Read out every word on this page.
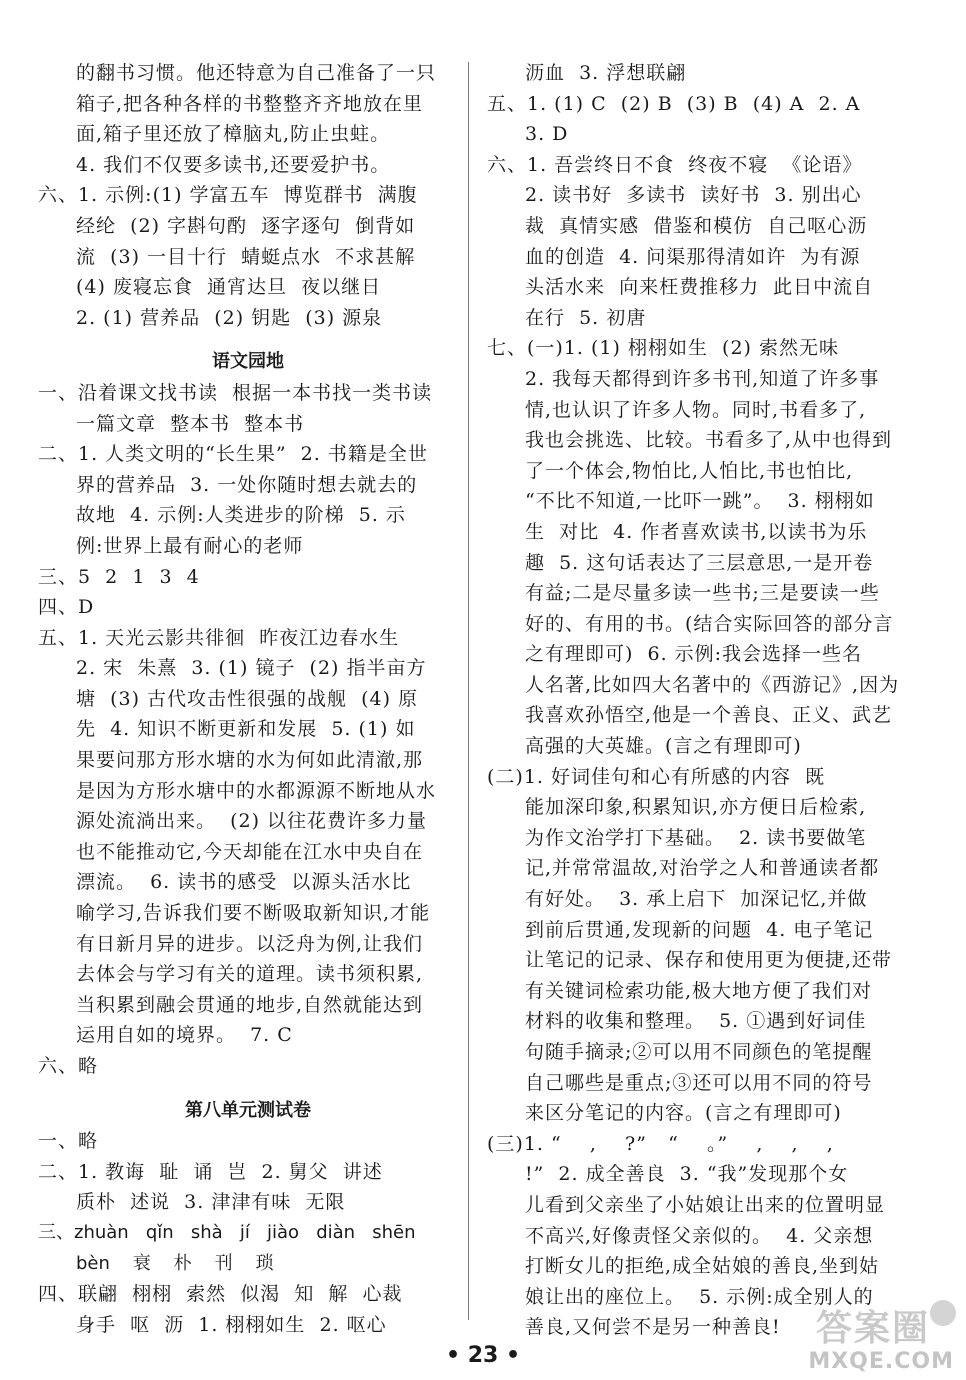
的翻书习惯。他还特意为自己准备了一只
箱子,把各种各样的书整整齐齐地放在里
面,箱子里还放了樟脑丸,防止虫蛀。
4. 我们不仅要多读书,还要爱护书。
六、1. 示例:(1) 学富五车  博览群书  满腹
经纶  (2) 字斟句酌  逐字逐句  倒背如
流  (3) 一目十行  蜻蜓点水  不求甚解
(4) 废寝忘食  通宵达旦  夜以继日
2. (1) 营养品  (2) 钥匙  (3) 源泉
语文园地
一、沿着课文找书读  根据一本书找一类书读
一篇文章  整本书  整本书
二、1. 人类文明的“长生果”  2. 书籍是全世
界的营养品  3. 一处你随时想去就去的
故地  4. 示例:人类进步的阶梯  5. 示
例:世界上最有耐心的老师
三、5  2  1  3  4
四、D
五、1. 天光云影共徘徊  昨夜江边春水生
2. 宋  朱熹  3. (1) 镜子  (2) 指半亩方
塘  (3) 古代攻击性很强的战舰  (4) 原
先  4. 知识不断更新和发展  5. (1) 如
果要问那方形水塘的水为何如此清澈,那
是因为方形水塘中的水都源源不断地从水
源处流淌出来。  (2) 以往花费许多力量
也不能推动它,今天却能在江水中央自在
漂流。  6. 读书的感受  以源头活水比
喻学习,告诉我们要不断吸取新知识,才能
有日新月异的进步。以泛舟为例,让我们
去体会与学习有关的道理。读书须积累,
当积累到融会贯通的地步,自然就能达到
运用自如的境界。  7. C
六、略
第八单元测试卷
一、略
二、1. 教诲  耻  诵  岂  2. 舅父  讲述
质朴  述说  3. 津津有味  无限
三、zhuàn   qǐn   shà   jí   jiào   diàn   shēn
bèn    衰    朴    刊    琐
四、联翩  栩栩  索然  似渴  知  解  心裁
身手  呕  沥  1. 栩栩如生  2. 呕心
沥血  3. 浮想联翩
五、1. (1) C  (2) B  (3) B  (4) A  2. A
3. D
六、1. 吾尝终日不食  终夜不寝  《论语》
2. 读书好  多读书  读好书  3. 别出心
裁  真情实感  借鉴和模仿  自己呕心沥
血的创造  4. 问渠那得清如许  为有源
头活水来  向来枉费推移力  此日中流自
在行  5. 初唐
七、(一)1. (1) 栩栩如生  (2) 索然无味
2. 我每天都得到许多书刊,知道了许多事
情,也认识了许多人物。同时,书看多了,
我也会挑选、比较。书看多了,从中也得到
了一个体会,物怕比,人怕比,书也怕比,
“不比不知道,一比吓一跳”。  3. 栩栩如
生  对比  4. 作者喜欢读书,以读书为乐
趣  5. 这句话表达了三层意思,一是开卷
有益;二是尽量多读一些书;三是要读一些
好的、有用的书。(结合实际回答的部分言
之有理即可)  6. 示例:我会选择一些名
人名著,比如四大名著中的《西游记》,因为
我喜欢孙悟空,他是一个善良、正义、武艺
高强的大英雄。(言之有理即可)
(二)1. 好词佳句和心有所感的内容  既
能加深印象,积累知识,亦方便日后检索,
为作文治学打下基础。  2. 读书要做笔
记,并常常温故,对治学之人和普通读者都
有好处。  3. 承上启下  加深记忆,并做
到前后贯通,发现新的问题  4. 电子笔记
让笔记的记录、保存和使用更为便捷,还带
有关键词检索功能,极大地方便了我们对
材料的收集和整理。  5. ①遇到好词佳
句随手摘录;②可以用不同颜色的笔提醒
自己哪些是重点;③还可以用不同的符号
来区分笔记的内容。(言之有理即可)
(三)1. “    ,    ?”   “    。”    ,    ,    ,
!”  2. 成全善良  3. “我”发现那个女
儿看到父亲坐了小姑娘让出来的位置明显
不高兴,好像责怪父亲似的。  4. 父亲想
打断女儿的拒绝,成全姑娘的善良,坐到姑
娘让出的座位上。  5. 示例:成全别人的
善良,又何尝不是另一种善良!
• 23 •
答案圈
MXQE.COM
